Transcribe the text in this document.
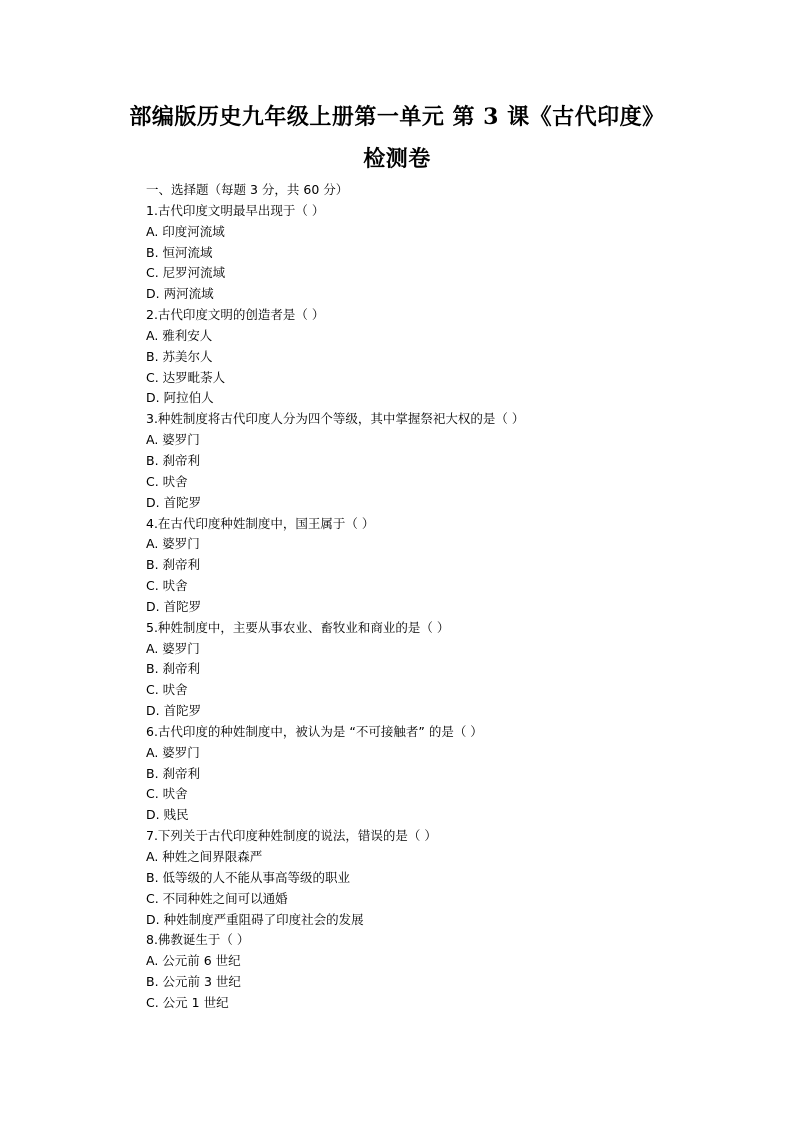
部编版历史九年级上册第一单元 第 3 课《古代印度》
检测卷
一、选择题（每题 3 分，共 60 分）
1.古代印度文明最早出现于（ ）
A. 印度河流域
B. 恒河流域
C. 尼罗河流域
D. 两河流域
2.古代印度文明的创造者是（ ）
A. 雅利安人
B. 苏美尔人
C. 达罗毗荼人
D. 阿拉伯人
3.种姓制度将古代印度人分为四个等级，其中掌握祭祀大权的是（ ）
A. 婆罗门
B. 刹帝利
C. 吠舍
D. 首陀罗
4.在古代印度种姓制度中，国王属于（ ）
A. 婆罗门
B. 刹帝利
C. 吠舍
D. 首陀罗
5.种姓制度中，主要从事农业、畜牧业和商业的是（ ）
A. 婆罗门
B. 刹帝利
C. 吠舍
D. 首陀罗
6.古代印度的种姓制度中，被认为是 “不可接触者” 的是（ ）
A. 婆罗门
B. 刹帝利
C. 吠舍
D. 贱民
7.下列关于古代印度种姓制度的说法，错误的是（ ）
A. 种姓之间界限森严
B. 低等级的人不能从事高等级的职业
C. 不同种姓之间可以通婚
D. 种姓制度严重阻碍了印度社会的发展
8.佛教诞生于（ ）
A. 公元前 6 世纪
B. 公元前 3 世纪
C. 公元 1 世纪
